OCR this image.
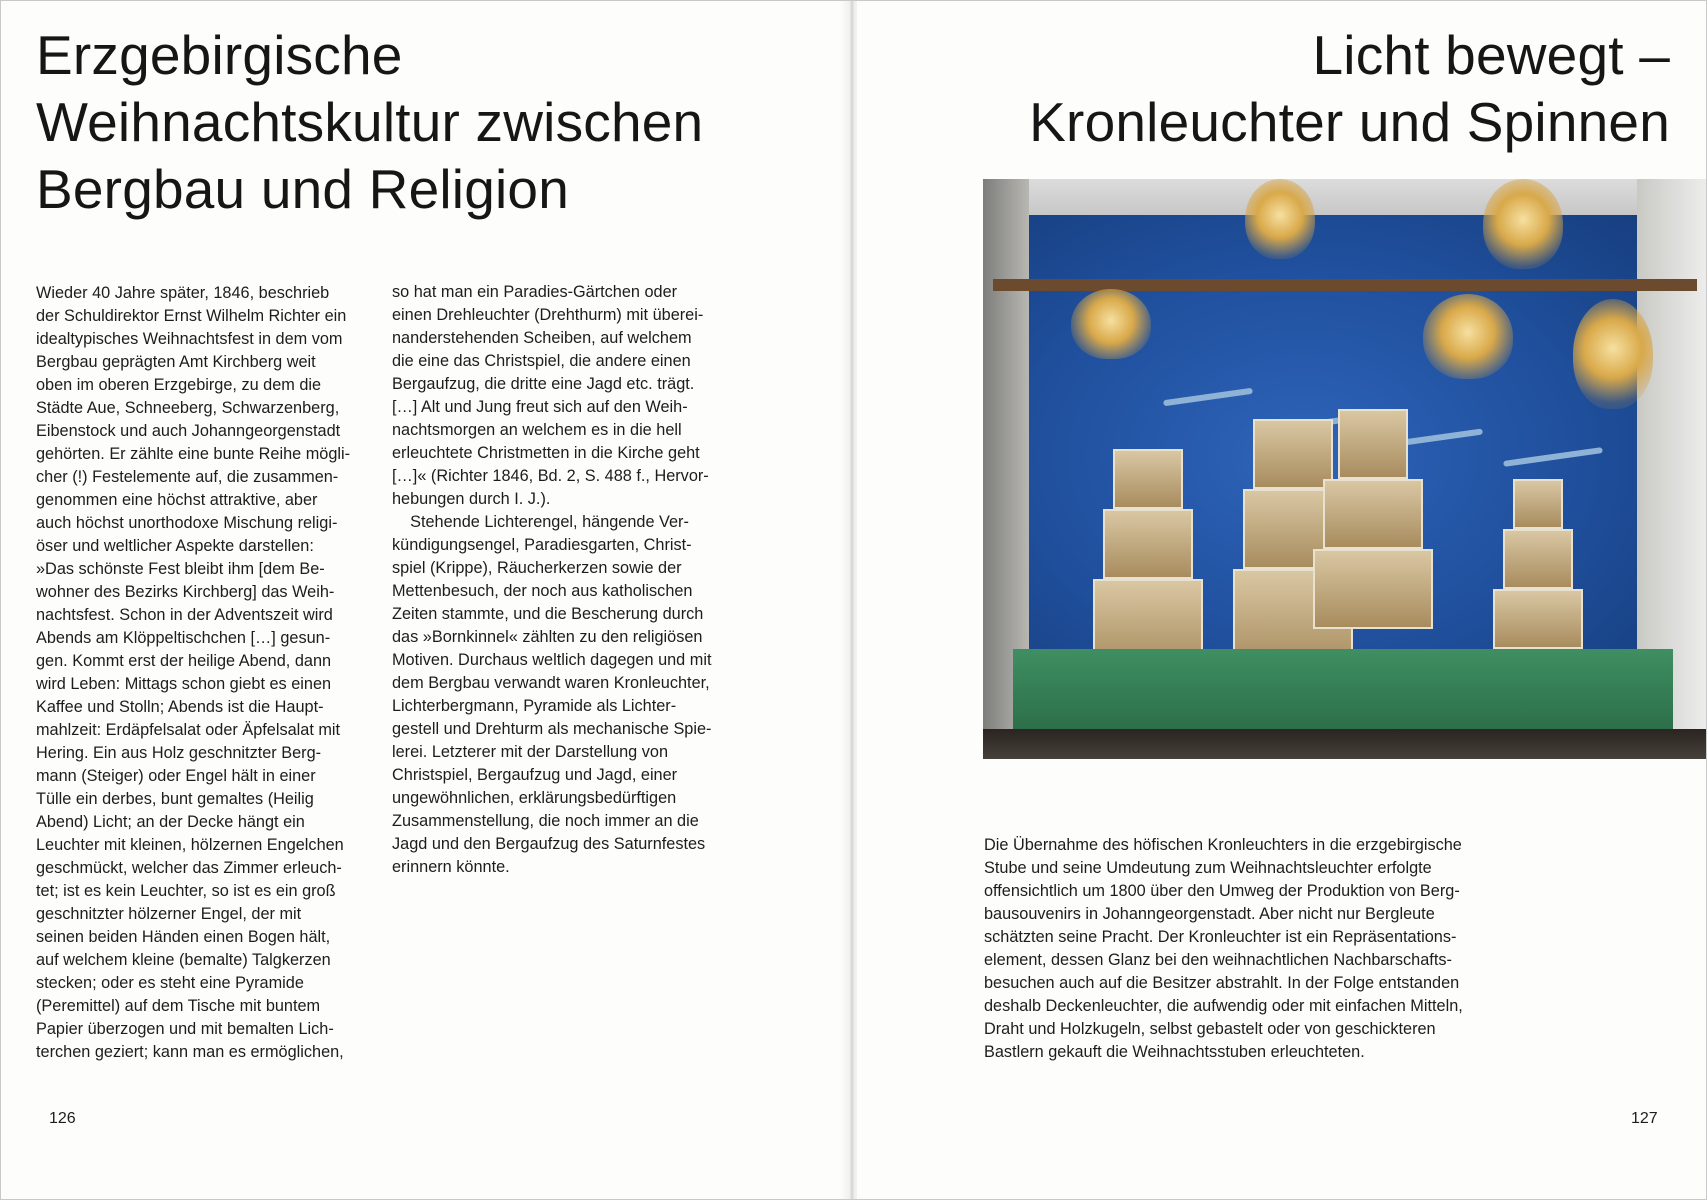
Erzgebirgische
Weihnachtskultur zwischen
Bergbau und Religion
Wieder 40 Jahre später, 1846, beschrieb
der Schuldirektor Ernst Wilhelm Richter ein
idealtypisches Weihnachtsfest in dem vom
Bergbau geprägten Amt Kirchberg weit
oben im oberen Erzgebirge, zu dem die
Städte Aue, Schneeberg, Schwarzenberg,
Eibenstock und auch Johanngeorgenstadt
gehörten. Er zählte eine bunte Reihe mögli-
cher (!) Festelemente auf, die zusammen-
genommen eine höchst attraktive, aber
auch höchst unorthodoxe Mischung religi-
öser und weltlicher Aspekte darstellen:
»Das schönste Fest bleibt ihm [dem Be-
wohner des Bezirks Kirchberg] das Weih-
nachtsfest. Schon in der Adventszeit wird
Abends am Klöppeltischchen […] gesun-
gen. Kommt erst der heilige Abend, dann
wird Leben: Mittags schon giebt es einen
Kaffee und Stolln; Abends ist die Haupt-
mahlzeit: Erdäpfelsalat oder Äpfelsalat mit
Hering. Ein aus Holz geschnitzter Berg-
mann (Steiger) oder Engel hält in einer
Tülle ein derbes, bunt gemaltes (Heilig
Abend) Licht; an der Decke hängt ein
Leuchter mit kleinen, hölzernen Engelchen
geschmückt, welcher das Zimmer erleuch-
tet; ist es kein Leuchter, so ist es ein groß
geschnitzter hölzerner Engel, der mit
seinen beiden Händen einen Bogen hält,
auf welchem kleine (bemalte) Talgkerzen
stecken; oder es steht eine Pyramide
(Peremittel) auf dem Tische mit buntem
Papier überzogen und mit bemalten Lich-
terchen geziert; kann man es ermöglichen,
so hat man ein Paradies-Gärtchen oder
einen Drehleuchter (Drehthurm) mit überei-
nanderstehenden Scheiben, auf welchem
die eine das Christspiel, die andere einen
Bergaufzug, die dritte eine Jagd etc. trägt.
[…] Alt und Jung freut sich auf den Weih-
nachtsmorgen an welchem es in die hell
erleuchtete Christmetten in die Kirche geht
[…]« (Richter 1846, Bd. 2, S. 488 f., Hervor-
hebungen durch I. J.).
Stehende Lichterengel, hängende Ver-
kündigungsengel, Paradiesgarten, Christ-
spiel (Krippe), Räucherkerzen sowie der
Mettenbesuch, der noch aus katholischen
Zeiten stammte, und die Bescherung durch
das »Bornkinnel« zählten zu den religiösen
Motiven. Durchaus weltlich dagegen und mit
dem Bergbau verwandt waren Kronleuchter,
Lichterbergmann, Pyramide als Lichter-
gestell und Drehturm als mechanische Spie-
lerei. Letzterer mit der Darstellung von
Christspiel, Bergaufzug und Jagd, einer
ungewöhnlichen, erklärungsbedürftigen
Zusammenstellung, die noch immer an die
Jagd und den Bergaufzug des Saturnfestes
erinnern könnte.
126
Licht bewegt –
Kronleuchter und Spinnen
Die Übernahme des höfischen Kronleuchters in die erzgebirgische
Stube und seine Umdeutung zum Weihnachtsleuchter erfolgte
offensichtlich um 1800 über den Umweg der Produktion von Berg-
bausouvenirs in Johanngeorgenstadt. Aber nicht nur Bergleute
schätzten seine Pracht. Der Kronleuchter ist ein Repräsentations-
element, dessen Glanz bei den weihnachtlichen Nachbarschafts-
besuchen auch auf die Besitzer abstrahlt. In der Folge entstanden
deshalb Deckenleuchter, die aufwendig oder mit einfachen Mitteln,
Draht und Holzkugeln, selbst gebastelt oder von geschickteren
Bastlern gekauft die Weihnachtsstuben erleuchteten.
127
